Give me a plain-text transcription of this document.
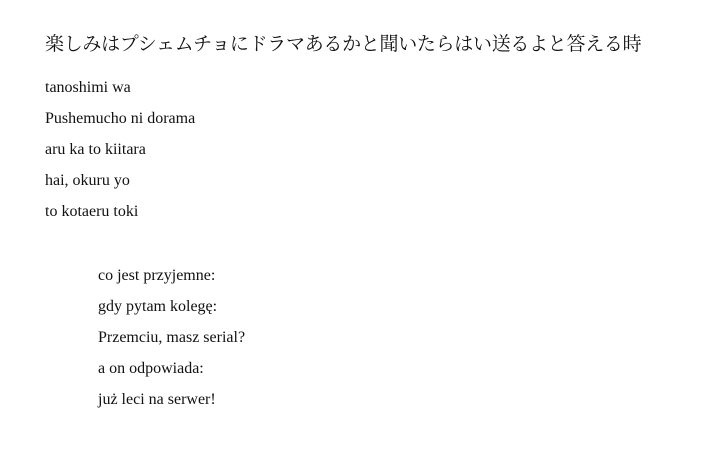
楽しみはプシェムチョにドラマあるかと聞いたらはい送るよと答える時
tanoshimi wa
Pushemucho ni dorama
aru ka to kiitara
hai, okuru yo
to kotaeru toki
co jest przyjemne:
gdy pytam kolegę:
Przemciu, masz serial?
a on odpowiada:
już leci na serwer!
